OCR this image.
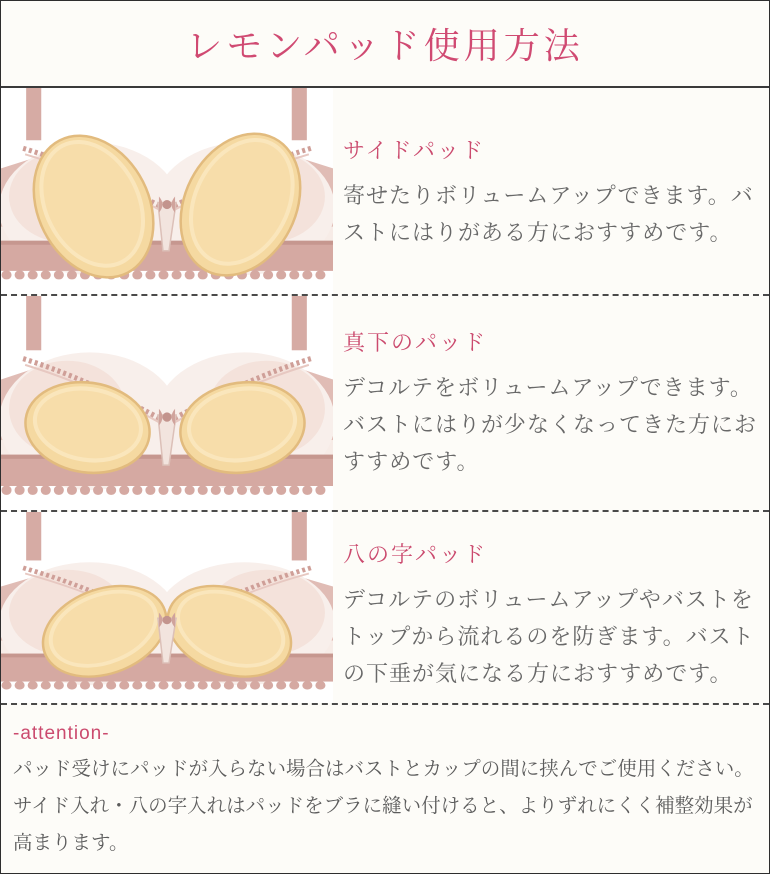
レモンパッド使用方法
サイドパッド

寄せたりボリュームアップできます。バストにはりがある方におすすめです。

真下のパッド

デコルテをボリュームアップできます。バストにはりが少なくなってきた方におすすめです。

八の字パッド

デコルテのボリュームアップやバストをトップから流れるのを防ぎます。バストの下垂が気になる方におすすめです。

-attention-

パッド受けにパッドが入らない場合はバストとカップの間に挟んでご使用ください。サイド入れ・八の字入れはパッドをブラに縫い付けると、よりずれにくく補整効果が高まります。
